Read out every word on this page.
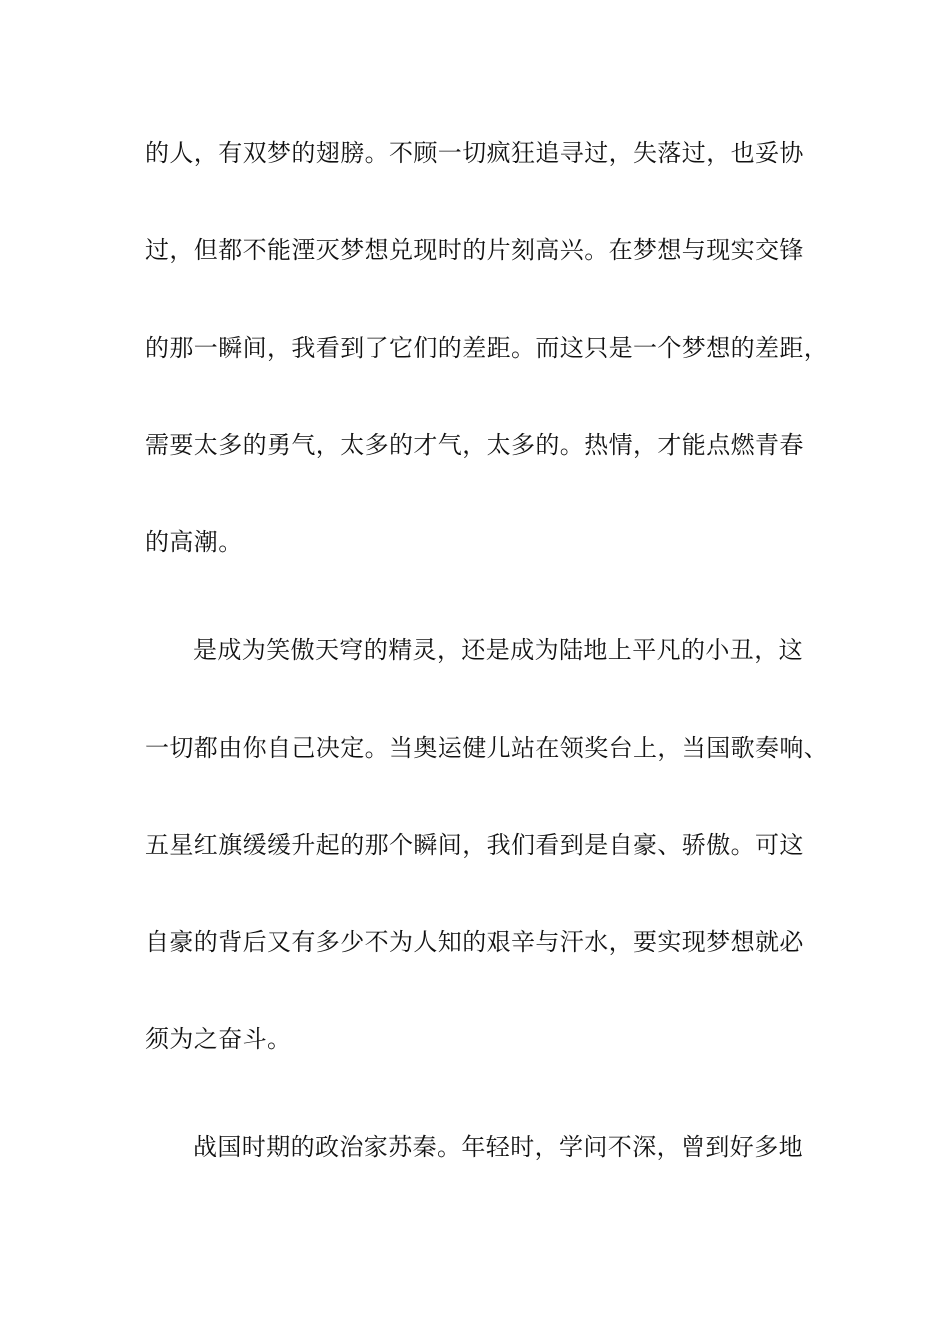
的人，有双梦的翅膀。不顾一切疯狂追寻过，失落过，也妥协
过，但都不能湮灭梦想兑现时的片刻高兴。在梦想与现实交锋
的那一瞬间，我看到了它们的差距。而这只是一个梦想的差距，
需要太多的勇气，太多的才气，太多的。热情，才能点燃青春
的高潮。
是成为笑傲天穹的精灵，还是成为陆地上平凡的小丑，这
一切都由你自己决定。当奥运健儿站在领奖台上，当国歌奏响、
五星红旗缓缓升起的那个瞬间，我们看到是自豪、骄傲。可这
自豪的背后又有多少不为人知的艰辛与汗水，要实现梦想就必
须为之奋斗。
战国时期的政治家苏秦。年轻时，学问不深，曾到好多地
